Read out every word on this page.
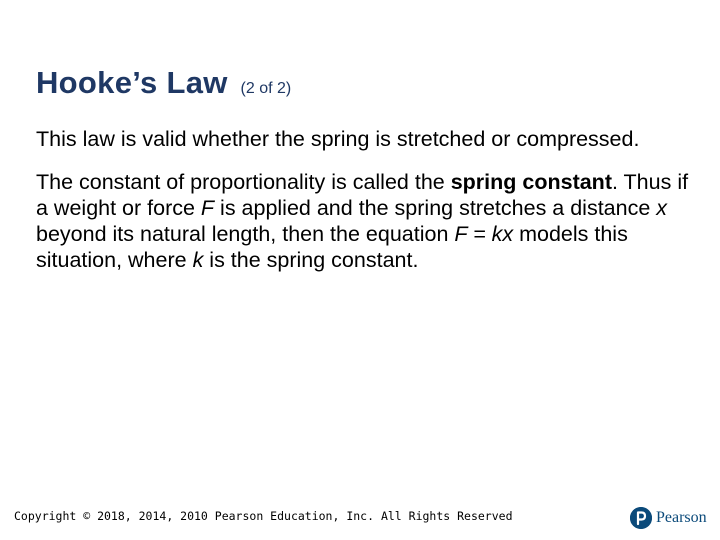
Hooke’s Law (2 of 2)

This law is valid whether the spring is stretched or compressed.

The constant of proportionality is called the spring constant. Thus if a weight or force F is applied and the spring stretches a distance x beyond its natural length, then the equation F = kx models this situation, where k is the spring constant.

Copyright © 2018, 2014, 2010 Pearson Education, Inc. All Rights Reserved	Pearson
